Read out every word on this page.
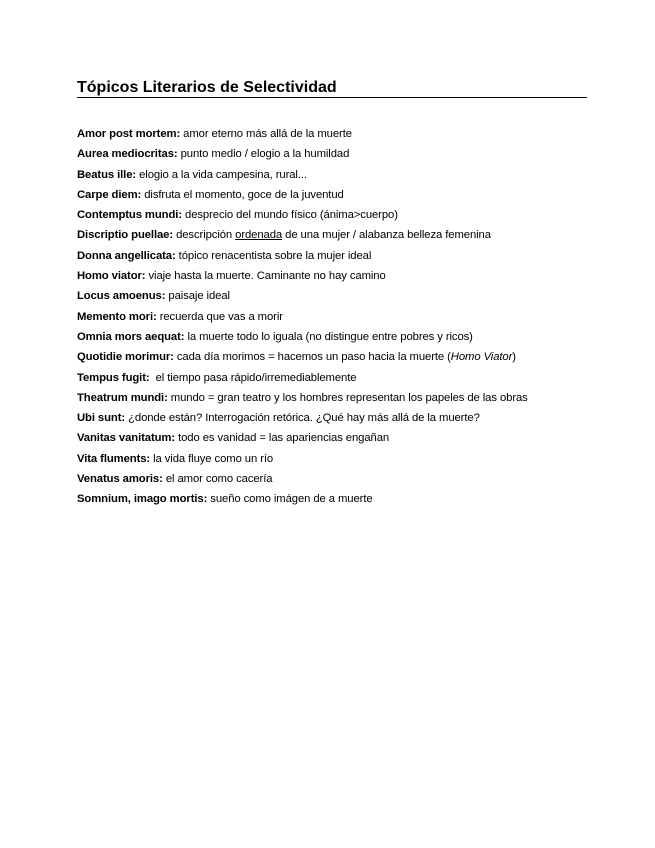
Tópicos Literarios de Selectividad
Amor post mortem: amor eterno más allá de la muerte
Aurea mediocritas: punto medio / elogio a la humildad
Beatus ille: elogio a la vida campesina, rural...
Carpe diem: disfruta el momento, goce de la juventud
Contemptus mundi: desprecio del mundo físico (ánima>cuerpo)
Discriptio puellae: descripción ordenada de una mujer / alabanza belleza femenina
Donna angellicata: tópico renacentista sobre la mujer ideal
Homo viator: viaje hasta la muerte. Caminante no hay camino
Locus amoenus: paisaje ideal
Memento mori: recuerda que vas a morir
Omnia mors aequat: la muerte todo lo iguala (no distingue entre pobres y ricos)
Quotidie morimur: cada día morimos = hacemos un paso hacia la muerte (Homo Viator)
Tempus fugit:  el tiempo pasa rápido/irremediablemente
Theatrum mundi: mundo = gran teatro y los hombres representan los papeles de las obras
Ubi sunt: ¿donde están? Interrogación retórica. ¿Qué hay más allá de la muerte?
Vanitas vanitatum: todo es vanidad = las apariencias engañan
Vita fluments: la vida fluye como un río
Venatus amoris: el amor como cacería
Somnium, imago mortis: sueño como imágen de a muerte
